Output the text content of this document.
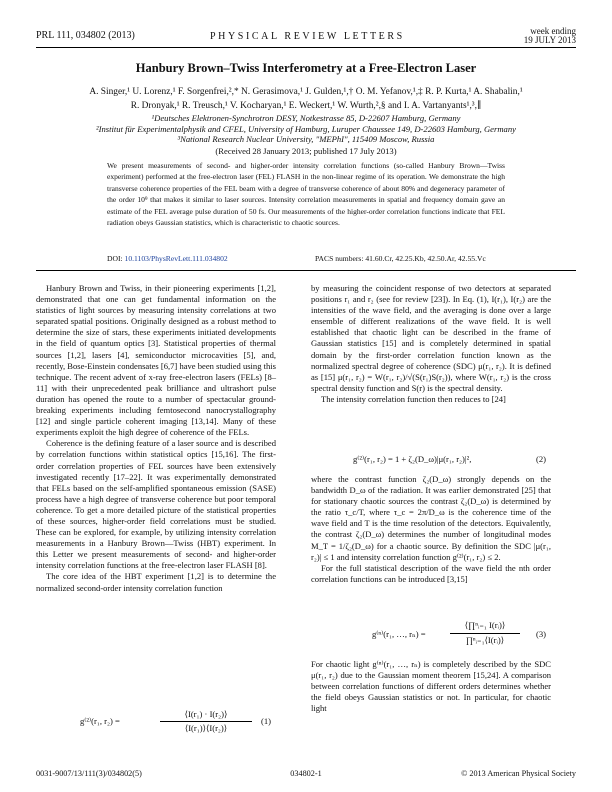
PRL 111, 034802 (2013)	PHYSICAL REVIEW LETTERS	week ending
19 JULY 2013
Hanbury Brown–Twiss Interferometry at a Free-Electron Laser
A. Singer,¹ U. Lorenz,¹ F. Sorgenfrei,²,* N. Gerasimova,¹ J. Gulden,¹,† O. M. Yefanov,¹,‡ R. P. Kurta,¹ A. Shabalin,¹
R. Dronyak,¹ R. Treusch,¹ V. Kocharyan,¹ E. Weckert,¹ W. Wurth,²,§ and I. A. Vartanyants¹,³,∥
¹Deutsches Elektronen-Synchrotron DESY, Notkestrasse 85, D-22607 Hamburg, Germany
²Institut für Experimentalphysik and CFEL, University of Hamburg, Luruper Chaussee 149, D-22603 Hamburg, Germany
³National Research Nuclear University, "MEPhI", 115409 Moscow, Russia
(Received 28 January 2013; published 17 July 2013)
We present measurements of second- and higher-order intensity correlation functions (so-called Hanbury Brown—Twiss experiment) performed at the free-electron laser (FEL) FLASH in the non-linear regime of its operation. We demonstrate the high transverse coherence properties of the FEL beam with a degree of transverse coherence of about 80% and degeneracy parameter of the order 10⁹ that makes it similar to laser sources. Intensity correlation measurements in spatial and frequency domain gave an estimate of the FEL average pulse duration of 50 fs. Our measurements of the higher-order correlation functions indicate that FEL radiation obeys Gaussian statistics, which is characteristic to chaotic sources.
DOI: 10.1103/PhysRevLett.111.034802	PACS numbers: 41.60.Cr, 42.25.Kb, 42.50.Ar, 42.55.Vc

Hanbury Brown and Twiss, in their pioneering experiments [1,2], demonstrated that one can get fundamental information on the statistics of light sources by measuring intensity correlations at two separated spatial positions. Originally designed as a robust method to determine the size of stars, these experiments initiated developments in the field of quantum optics [3]. Statistical properties of thermal sources [1,2], lasers [4], semiconductor microcavities [5], and, recently, Bose-Einstein condensates [6,7] have been studied using this technique. The recent advent of x-ray free-electron lasers (FELs) [8–11] with their unprecedented peak brilliance and ultrashort pulse duration has opened the route to a number of spectacular ground-breaking experiments including femtosecond nanocrystallography [12] and single particle coherent imaging [13,14]. Many of these experiments exploit the high degree of coherence of the FELs.

Coherence is the defining feature of a laser source and is described by correlation functions within statistical optics [15,16]. The first-order correlation properties of FEL sources have been extensively investigated recently [17–22]. It was experimentally demonstrated that FELs based on the self-amplified spontaneous emission (SASE) process have a high degree of transverse coherence but poor temporal coherence. To get a more detailed picture of the statistical properties of these sources, higher-order field correlations must be studied. These can be explored, for example, by utilizing intensity correlation measurements in a Hanbury Brown—Twiss (HBT) experiment. In this Letter we present measurements of second- and higher-order intensity correlation functions at the free-electron laser FLASH [8].

The core idea of the HBT experiment [1,2] is to determine the normalized second-order intensity correlation function

g⁽²⁾(r₁, r₂) =
⟨I(r₁) · I(r₂)⟩
⟨I(r₁)⟩⟨I(r₂)⟩
(1)

by measuring the coincident response of two detectors at separated positions r₁ and r₂ (see for review [23]). In Eq. (1), I(r₁), I(r₂) are the intensities of the wave field, and the averaging is done over a large ensemble of different realizations of the wave field. It is well established that chaotic light can be described in the frame of Gaussian statistics [15] and is completely determined in spatial domain by the first-order correlation function known as the normalized spectral degree of coherence (SDC) μ(r₁, r₂). It is defined as [15] μ(r₁, r₂) = W(r₁, r₂)/√(S(r₁)S(r₂)), where W(r₁, r₂) is the cross spectral density function and S(r) is the spectral density.

The intensity correlation function then reduces to [24]

g⁽²⁾(r₁, r₂) = 1 + ζ₂(D_ω)|μ(r₁, r₂)|²,	(2)

where the contrast function ζ₂(D_ω) strongly depends on the bandwidth D_ω of the radiation. It was earlier demonstrated [25] that for stationary chaotic sources the contrast ζ₂(D_ω) is determined by the ratio τ_c/T, where τ_c = 2π/D_ω is the coherence time of the wave field and T is the time resolution of the detectors. Equivalently, the contrast ζ₂(D_ω) determines the number of longitudinal modes M_T = 1/ζ₂(D_ω) for a chaotic source. By definition the SDC |μ(r₁, r₂)| ≤ 1 and intensity correlation function g⁽²⁾(r₁, r₂) ≤ 2.

For the full statistical description of the wave field the nth order correlation functions can be introduced [3,15]

g⁽ⁿ⁾(r₁, …, rₙ) =
⟨∏ⁿᵢ₌₁ I(rᵢ)⟩
∏ⁿᵢ₌₁⟨I(rᵢ)⟩
(3)

For chaotic light g⁽ⁿ⁾(r₁, …, rₙ) is completely described by the SDC μ(r₁, r₂) due to the Gaussian moment theorem [15,24]. A comparison between correlation functions of different orders determines whether the field obeys Gaussian statistics or not. In particular, for chaotic light

0031-9007/13/111(3)/034802(5)	034802-1	© 2013 American Physical Society
